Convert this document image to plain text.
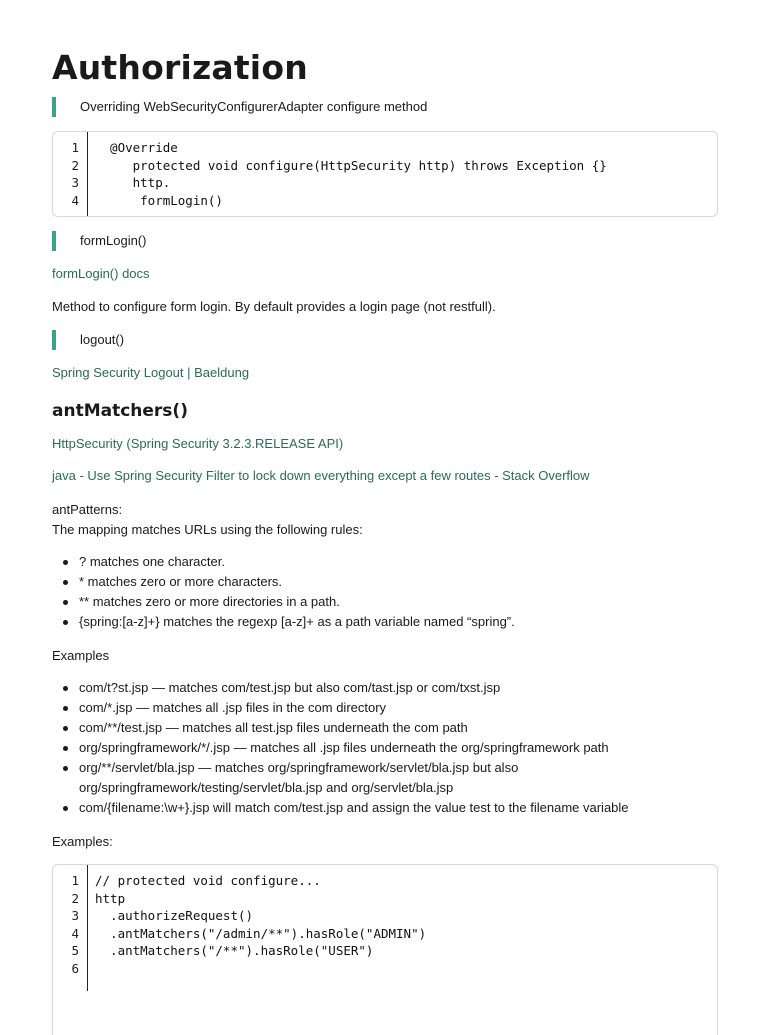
Authorization
Overriding WebSecurityConfigurerAdapter configure method
1 @Override
2 protected void configure(HttpSecurity http) throws Exception {}
3 http.
4 formLogin()
formLogin()
formLogin() docs
Method to configure form login. By default provides a login page (not restfull).
logout()
Spring Security Logout | Baeldung
antMatchers()
HttpSecurity (Spring Security 3.2.3.RELEASE API)
java - Use Spring Security Filter to lock down everything except a few routes - Stack Overflow
antPatterns:
The mapping matches URLs using the following rules:
? matches one character.
* matches zero or more characters.
** matches zero or more directories in a path.
{spring:[a-z]+} matches the regexp [a-z]+ as a path variable named “spring”.
Examples
com/t?st.jsp — matches com/test.jsp but also com/tast.jsp or com/txst.jsp
com/*.jsp — matches all .jsp files in the com directory
com/**/test.jsp — matches all test.jsp files underneath the com path
org/springframework/*/.jsp — matches all .jsp files underneath the org/springframework path
org/**/servlet/bla.jsp — matches org/springframework/servlet/bla.jsp but also org/springframework/testing/servlet/bla.jsp and org/servlet/bla.jsp
com/{filename:\w+}.jsp will match com/test.jsp and assign the value test to the filename variable
Examples:
1 // protected void configure...
2 http
3 .authorizeRequest()
4 .antMatchers("/admin/**").hasRole("ADMIN")
5 .antMatchers("/**").hasRole("USER")
6
